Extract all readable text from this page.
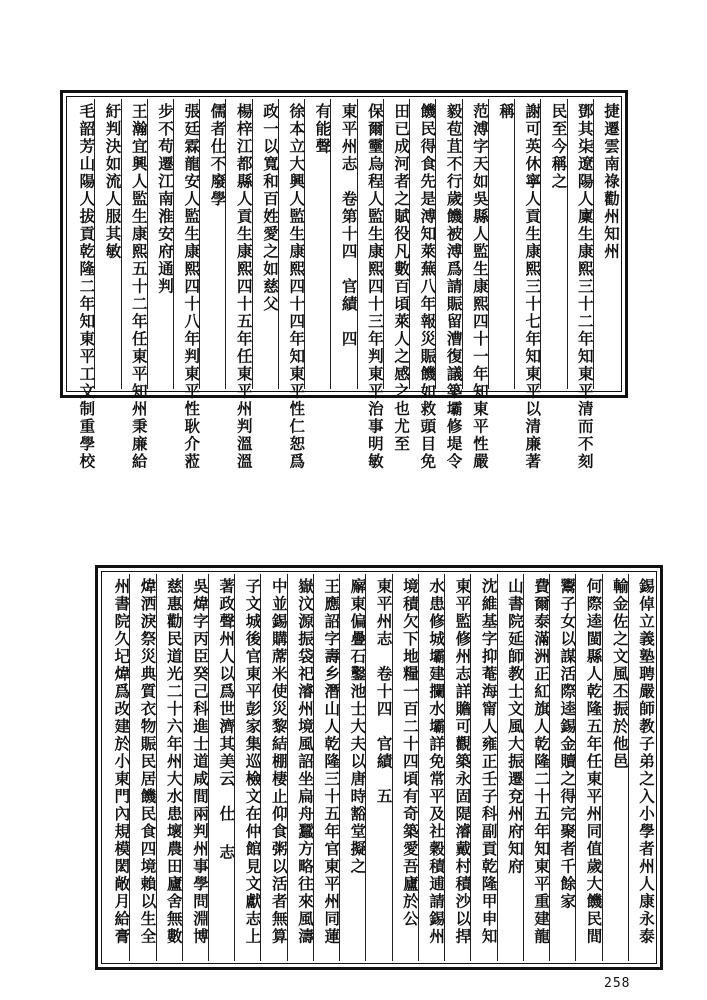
捷遷雲南祿勸州知州
鄧其㭍遼陽人廩生康熙三十二年知東平清而不刻
民至今稱之
謝可英休寧人貢生康熙三十七年知東平以清廉著
稱
范溥字天如吳縣人監生康熙四十一年知東平性嚴
毅苞苴不行歲饑被溥爲請賑留漕復議築壩修堤令
饑民得食先是溥知萊蕪八年報災賑饑如救頭目免
田已成河者之賦役凡數百頃萊人之感之也尤至
保爾𤫊烏程人監生康熙四十三年判東平治事明敏
東平州志　卷第十四　官績　四
有能聲
徐本立大興人監生康熙四十四年知東平性仁恕爲
政一以寬和百姓愛之如慈父
楊梓江都縣人貢生康熙四十五年任東平州判溫溫
儒者仕不廢學
張廷霖龍安人監生康熙四十八年判東平性耿介蒞
步不苟遷江南淮安府通判
王瀚宜興人監生康熙五十二年任東平知州秉廉給
紆判決如流人服其敏
毛韶芳山陽人拔貢乾隆二年知東平工文制重學校
錫倬立義塾聘嚴師教子弟之入小學者州人康永泰
輸金佐之文風丕振於他邑
何際逵閩縣人乾隆五年任東平州同值歲大饑民間
鬻子女以謀活際逵錫金贖之得完聚者千餘家
費爾泰滿洲正紅旗人乾隆二十五年知東平重建龍
山書院延師教士文風大振遷兗州府知府
沈維基字抑菴海甯人雍正壬子科副貢乾隆甲申知
東平監修州志詳贍可觀築永固隄濬戴村積沙以捍
水患修城壩建攔水壩詳免常平及社穀積逋請錫州
境積欠下地糧一百二十四頃有奇築愛吾廬於公
東平州志　卷十四　官績　五
廨東偏疊石鑿池士大夫以唐時豁堂擬之
王應詔字壽乡潛山人乾隆三十五年官東平州同蓮
嶽汶源振袋祀濬州境風詔坐扁舟蠶方略往來風濤
中並錫購蓆米使災黎結棚棲止仰食粥以活者無算
子文城後官東平彭家集巡檢文在仲館見文獻志上
著政聲州人以爲世濟其美云　仕 志
吳煒字丙臣癸己科進士道咸間兩判州事學問淵博
慈惠勸民道光二十六年州大水患壞農田廬舍無數
煒洒淚祭災典質衣物賑民居饑民食四境賴以生全
州書院久圮煒爲改建於小東門內規模閎敞月給膏
258
